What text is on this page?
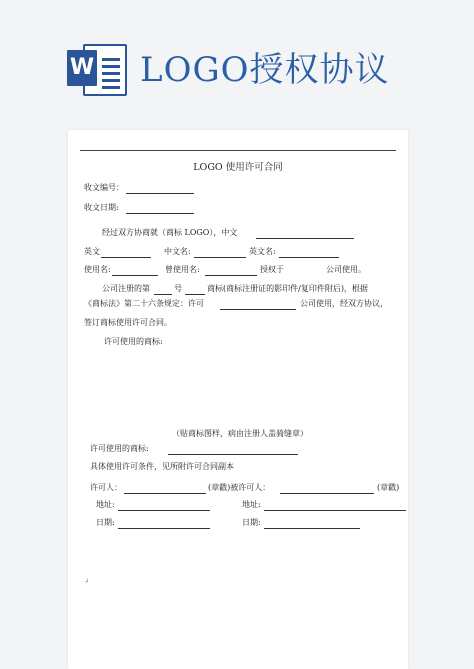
W LOGO授权协议
LOGO 使用许可合同
收文编号：
收文日期:
经过双方协商就（商标 LOGO），中文
英文	中文名:	英文名:
使用名:	曾使用名:	授权于	公司使用。
公司注册的第	号	商标(商标注册证的影印件/复印件附后)，根据
《商标法》第二十六条规定：许可	公司使用，经双方协议，
签订商标使用许可合同。
许可使用的商标:
（贴商标图样，病由注册人盖骑缝章）
许可使用的商标:
具体使用许可条件，见所附许可合同副本
许可人：	(章戳)被许可人：	(章戳)
地址:	地址:
日期:	日期:
↲
